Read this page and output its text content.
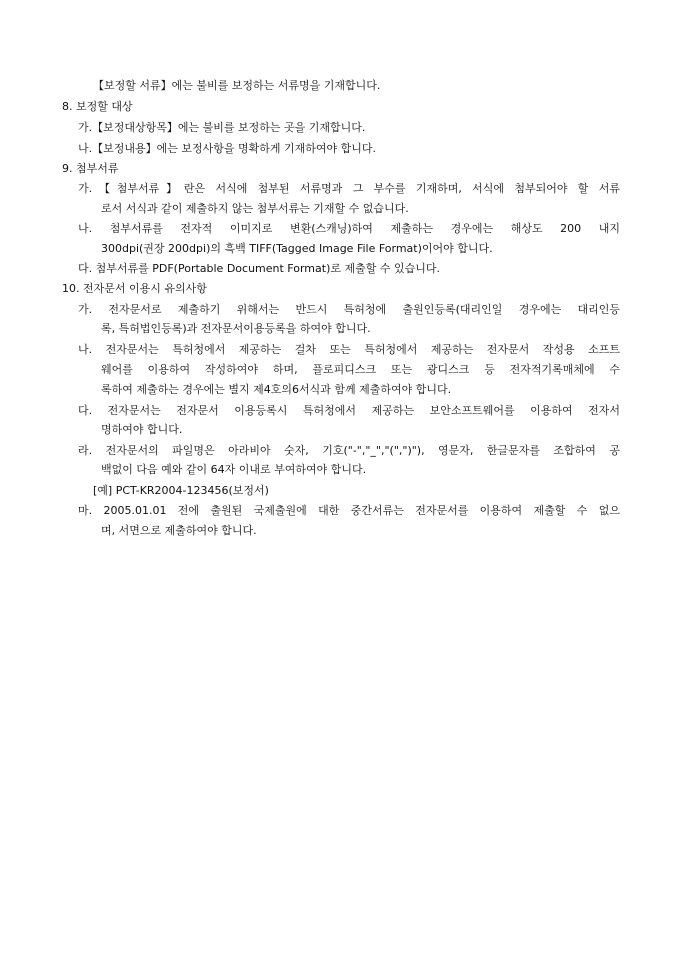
【보정할 서류】에는 불비를 보정하는 서류명을 기재합니다.
8. 보정할 대상
가.【보정대상항목】에는 불비를 보정하는 곳을 기재합니다.
나.【보정내용】에는 보정사항을 명확하게 기재하여야 합니다.
9. 첨부서류
가.【첨부서류】란은 서식에 첨부된 서류명과 그 부수를 기재하며, 서식에 첨부되어야 할 서류
로서 서식과 같이 제출하지 않는 첨부서류는 기재할 수 없습니다.
나. 첨부서류를 전자적 이미지로 변환(스캐닝)하여 제출하는 경우에는 해상도 200 내지
300dpi(권장 200dpi)의 흑백 TIFF(Tagged Image File Format)이어야 합니다.
다. 첨부서류를 PDF(Portable Document Format)로 제출할 수 있습니다.
10. 전자문서 이용시 유의사항
가. 전자문서로 제출하기 위해서는 반드시 특허청에 출원인등록(대리인일 경우에는 대리인등
록, 특허법인등록)과 전자문서이용등록을 하여야 합니다.
나. 전자문서는 특허청에서 제공하는 걸차 또는 특허청에서 제공하는 전자문서 작성용 소프트
웨어를 이용하여 작성하여야 하며, 플로피디스크 또는 광디스크 등 전자적기록매체에 수
록하여 제출하는 경우에는 별지 제4호의6서식과 함께 제출하여야 합니다.
다. 전자문서는 전자문서 이용등록시 특허청에서 제공하는 보안소프트웨어를 이용하여 전자서
명하여야 합니다.
라. 전자문서의 파일명은 아라비아 숫자, 기호("-","_","(",")"), 영문자, 한글문자를 조합하여 공
백없이 다음 예와 같이 64자 이내로 부여하여야 합니다.
[예] PCT-KR2004-123456(보정서)
마. 2005.01.01 전에 출원된 국제출원에 대한 중간서류는 전자문서를 이용하여 제출할 수 없으
며, 서면으로 제출하여야 합니다.
